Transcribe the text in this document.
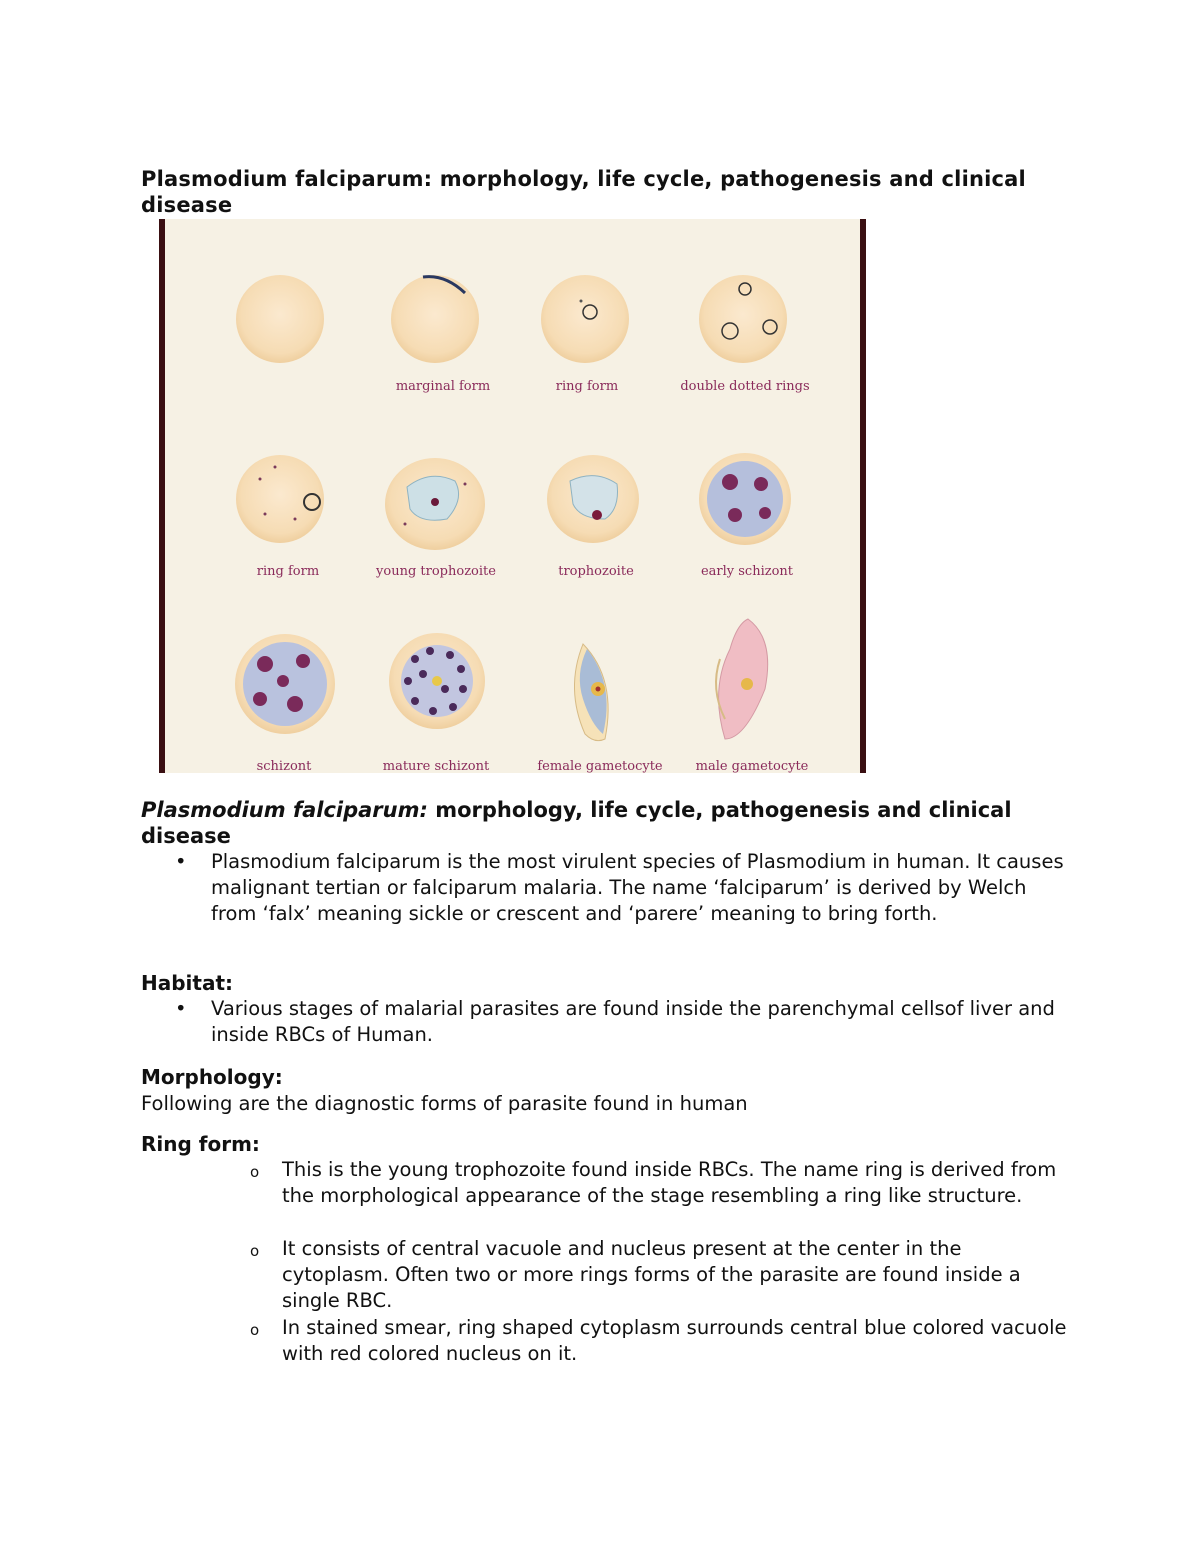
Plasmodium falciparum: morphology, life cycle, pathogenesis and clinical disease
marginal form	ring form	double dotted rings
ring form	young trophozoite	trophozoite	early schizont
schizont	mature schizont	female gametocyte	male gametocyte
Plasmodium falciparum: morphology, life cycle, pathogenesis and clinical disease
• Plasmodium falciparum is the most virulent species of Plasmodium in human. It causes malignant tertian or falciparum malaria. The name ‘falciparum’ is derived by Welch from ‘falx’ meaning sickle or crescent and ‘parere’ meaning to bring forth.
Habitat:
• Various stages of malarial parasites are found inside the parenchymal cellsof liver and inside RBCs of Human.
Morphology:
Following are the diagnostic forms of parasite found in human
Ring form:
o This is the young trophozoite found inside RBCs. The name ring is derived from the morphological appearance of the stage resembling a ring like structure.
o It consists of central vacuole and nucleus present at the center in the cytoplasm. Often two or more rings forms of the parasite are found inside a single RBC.
o In stained smear, ring shaped cytoplasm surrounds central blue colored vacuole with red colored nucleus on it.
